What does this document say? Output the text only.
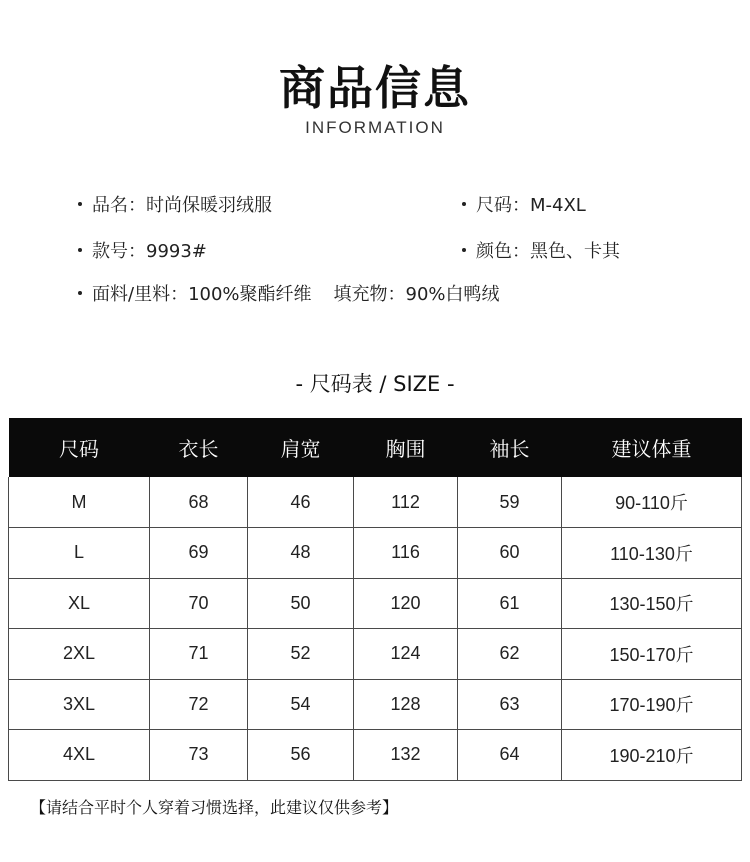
商品信息
INFORMATION
品名：时尚保暖羽绒服	尺码：M-4XL
款号：9993#	颜色：黑色、卡其
面料/里料：100%聚酯纤维 填充物：90%白鸭绒
- 尺码表 / SIZE -
尺码	衣长	肩宽	胸围	袖长	建议体重
M	68	46	112	59	90-110斤
L	69	48	116	60	110-130斤
XL	70	50	120	61	130-150斤
2XL	71	52	124	62	150-170斤
3XL	72	54	128	63	170-190斤
4XL	73	56	132	64	190-210斤
【请结合平时个人穿着习惯选择，此建议仅供参考】
